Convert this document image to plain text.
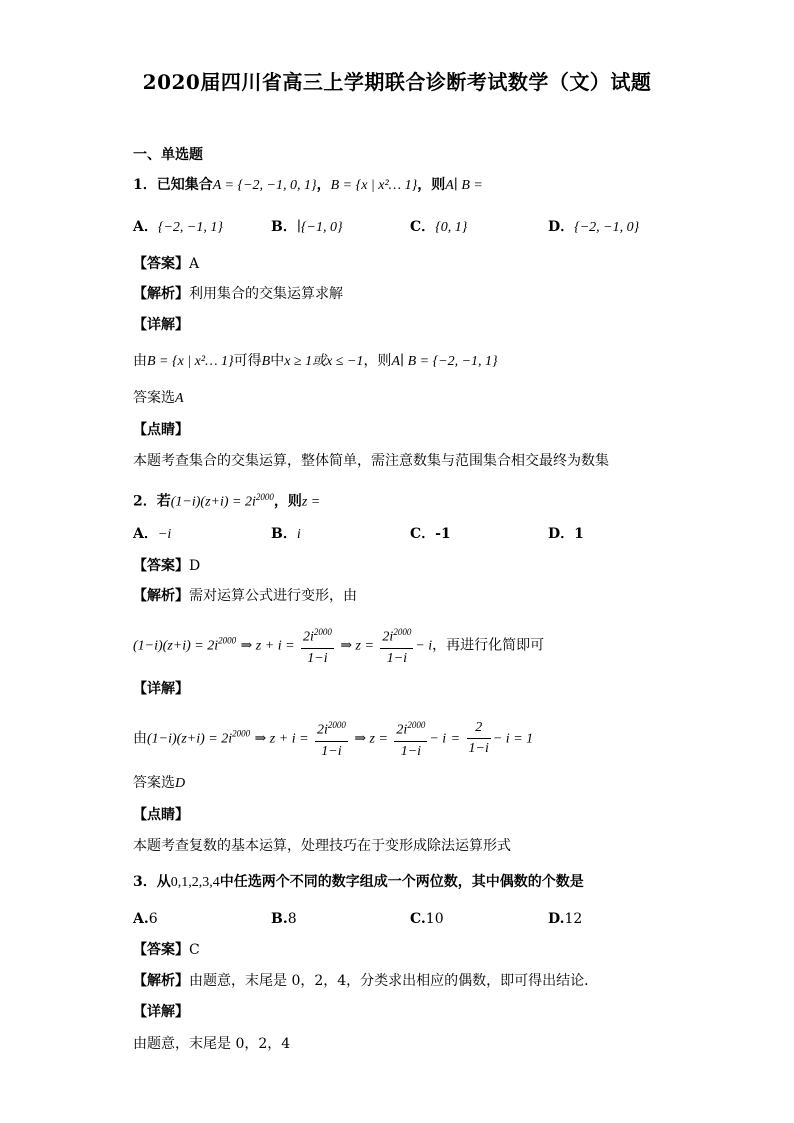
2020届四川省高三上学期联合诊断考试数学（文）试题
一、单选题
1．已知集合A = {−2, −1, 0, 1}，B = {x | x²… 1}，则A∣ B =
A．{−2, −1, 1}	B．∣{−1, 0}	C．{0, 1}	D．{−2, −1, 0}
【答案】A
【解析】利用集合的交集运算求解
【详解】
由B = {x | x²… 1}可得B中x ≥ 1或x ≤ −1，则A∣ B = {−2, −1, 1}
答案选A
【点睛】
本题考查集合的交集运算，整体简单，需注意数集与范围集合相交最终为数集
2．若$(1-i)(z+i) = 2i^{2000}$，则z =
A．−i	B．i	C．-1	D．1
【答案】D
【解析】需对运算公式进行变形，由
$(1-i)(z+i) = 2i^{2000}$ ⇒ $z + i = \frac{2i^{2000}}{1-i}$ ⇒ $z = \frac{2i^{2000}}{1-i} - i$，再进行化简即可
【详解】
由$(1-i)(z+i) = 2i^{2000}$ ⇒ $z + i = \frac{2i^{2000}}{1-i}$ ⇒ $z = \frac{2i^{2000}}{1-i} - i = \frac{2}{1-i} - i = 1$
答案选D
【点睛】
本题考查复数的基本运算，处理技巧在于变形成除法运算形式
3．从0,1,2,3,4中任选两个不同的数字组成一个两位数，其中偶数的个数是
A.6	B.8	C.10	D.12
【答案】C
【解析】由题意，末尾是 0，2，4，分类求出相应的偶数，即可得出结论．
【详解】
由题意，末尾是 0，2，4
